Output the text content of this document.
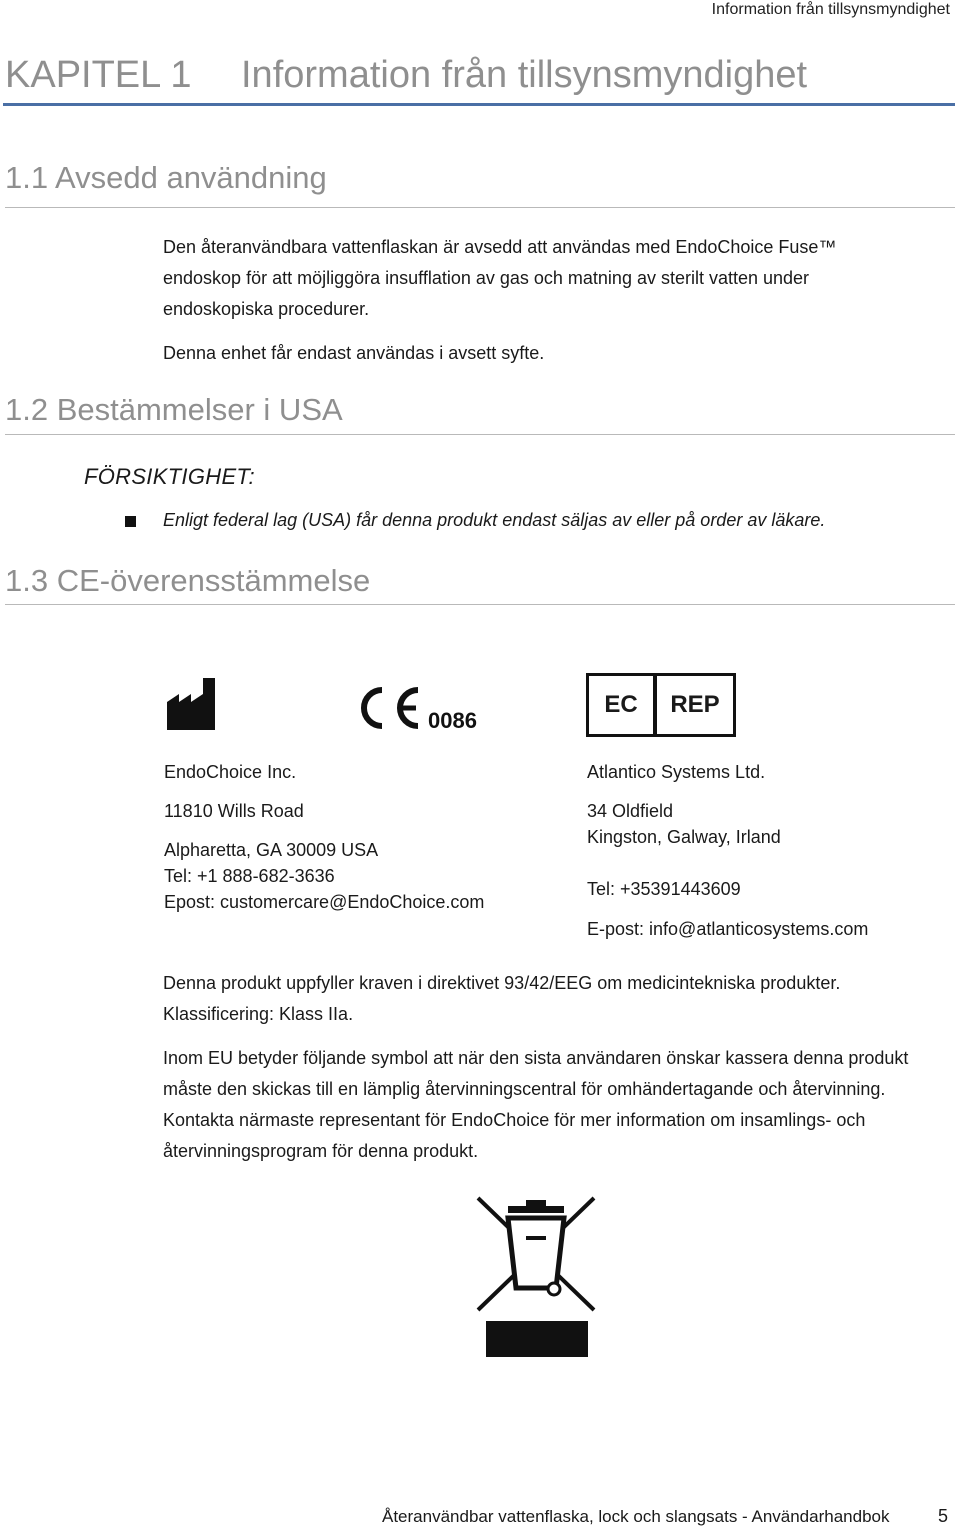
Information från tillsynsmyndighet
KAPITEL 1 Information från tillsynsmyndighet
1.1 Avsedd användning
Den återanvändbara vattenflaskan är avsedd att användas med EndoChoice Fuse™ endoskop för att möjliggöra insufflation av gas och matning av sterilt vatten under endoskopiska procedurer.
Denna enhet får endast användas i avsett syfte.
1.2 Bestämmelser i USA
FÖRSIKTIGHET:
Enligt federal lag (USA) får denna produkt endast säljas av eller på order av läkare.
1.3 CE-överensstämmelse
0086
EC	REP
EndoChoice Inc.
11810 Wills Road
Alpharetta, GA 30009 USA
Tel: +1 888-682-3636
Epost: customercare@EndoChoice.com
Atlantico Systems Ltd.
34 Oldfield
Kingston, Galway, Irland
Tel: +35391443609
E-post: info@atlanticosystems.com
Denna produkt uppfyller kraven i direktivet 93/42/EEG om medicintekniska produkter. Klassificering: Klass IIa.
Inom EU betyder följande symbol att när den sista användaren önskar kassera denna produkt måste den skickas till en lämplig återvinningscentral för omhändertagande och återvinning. Kontakta närmaste representant för EndoChoice för mer information om insamlings- och återvinningsprogram för denna produkt.
Återanvändbar vattenflaska, lock och slangsats - Användarhandbok	5
